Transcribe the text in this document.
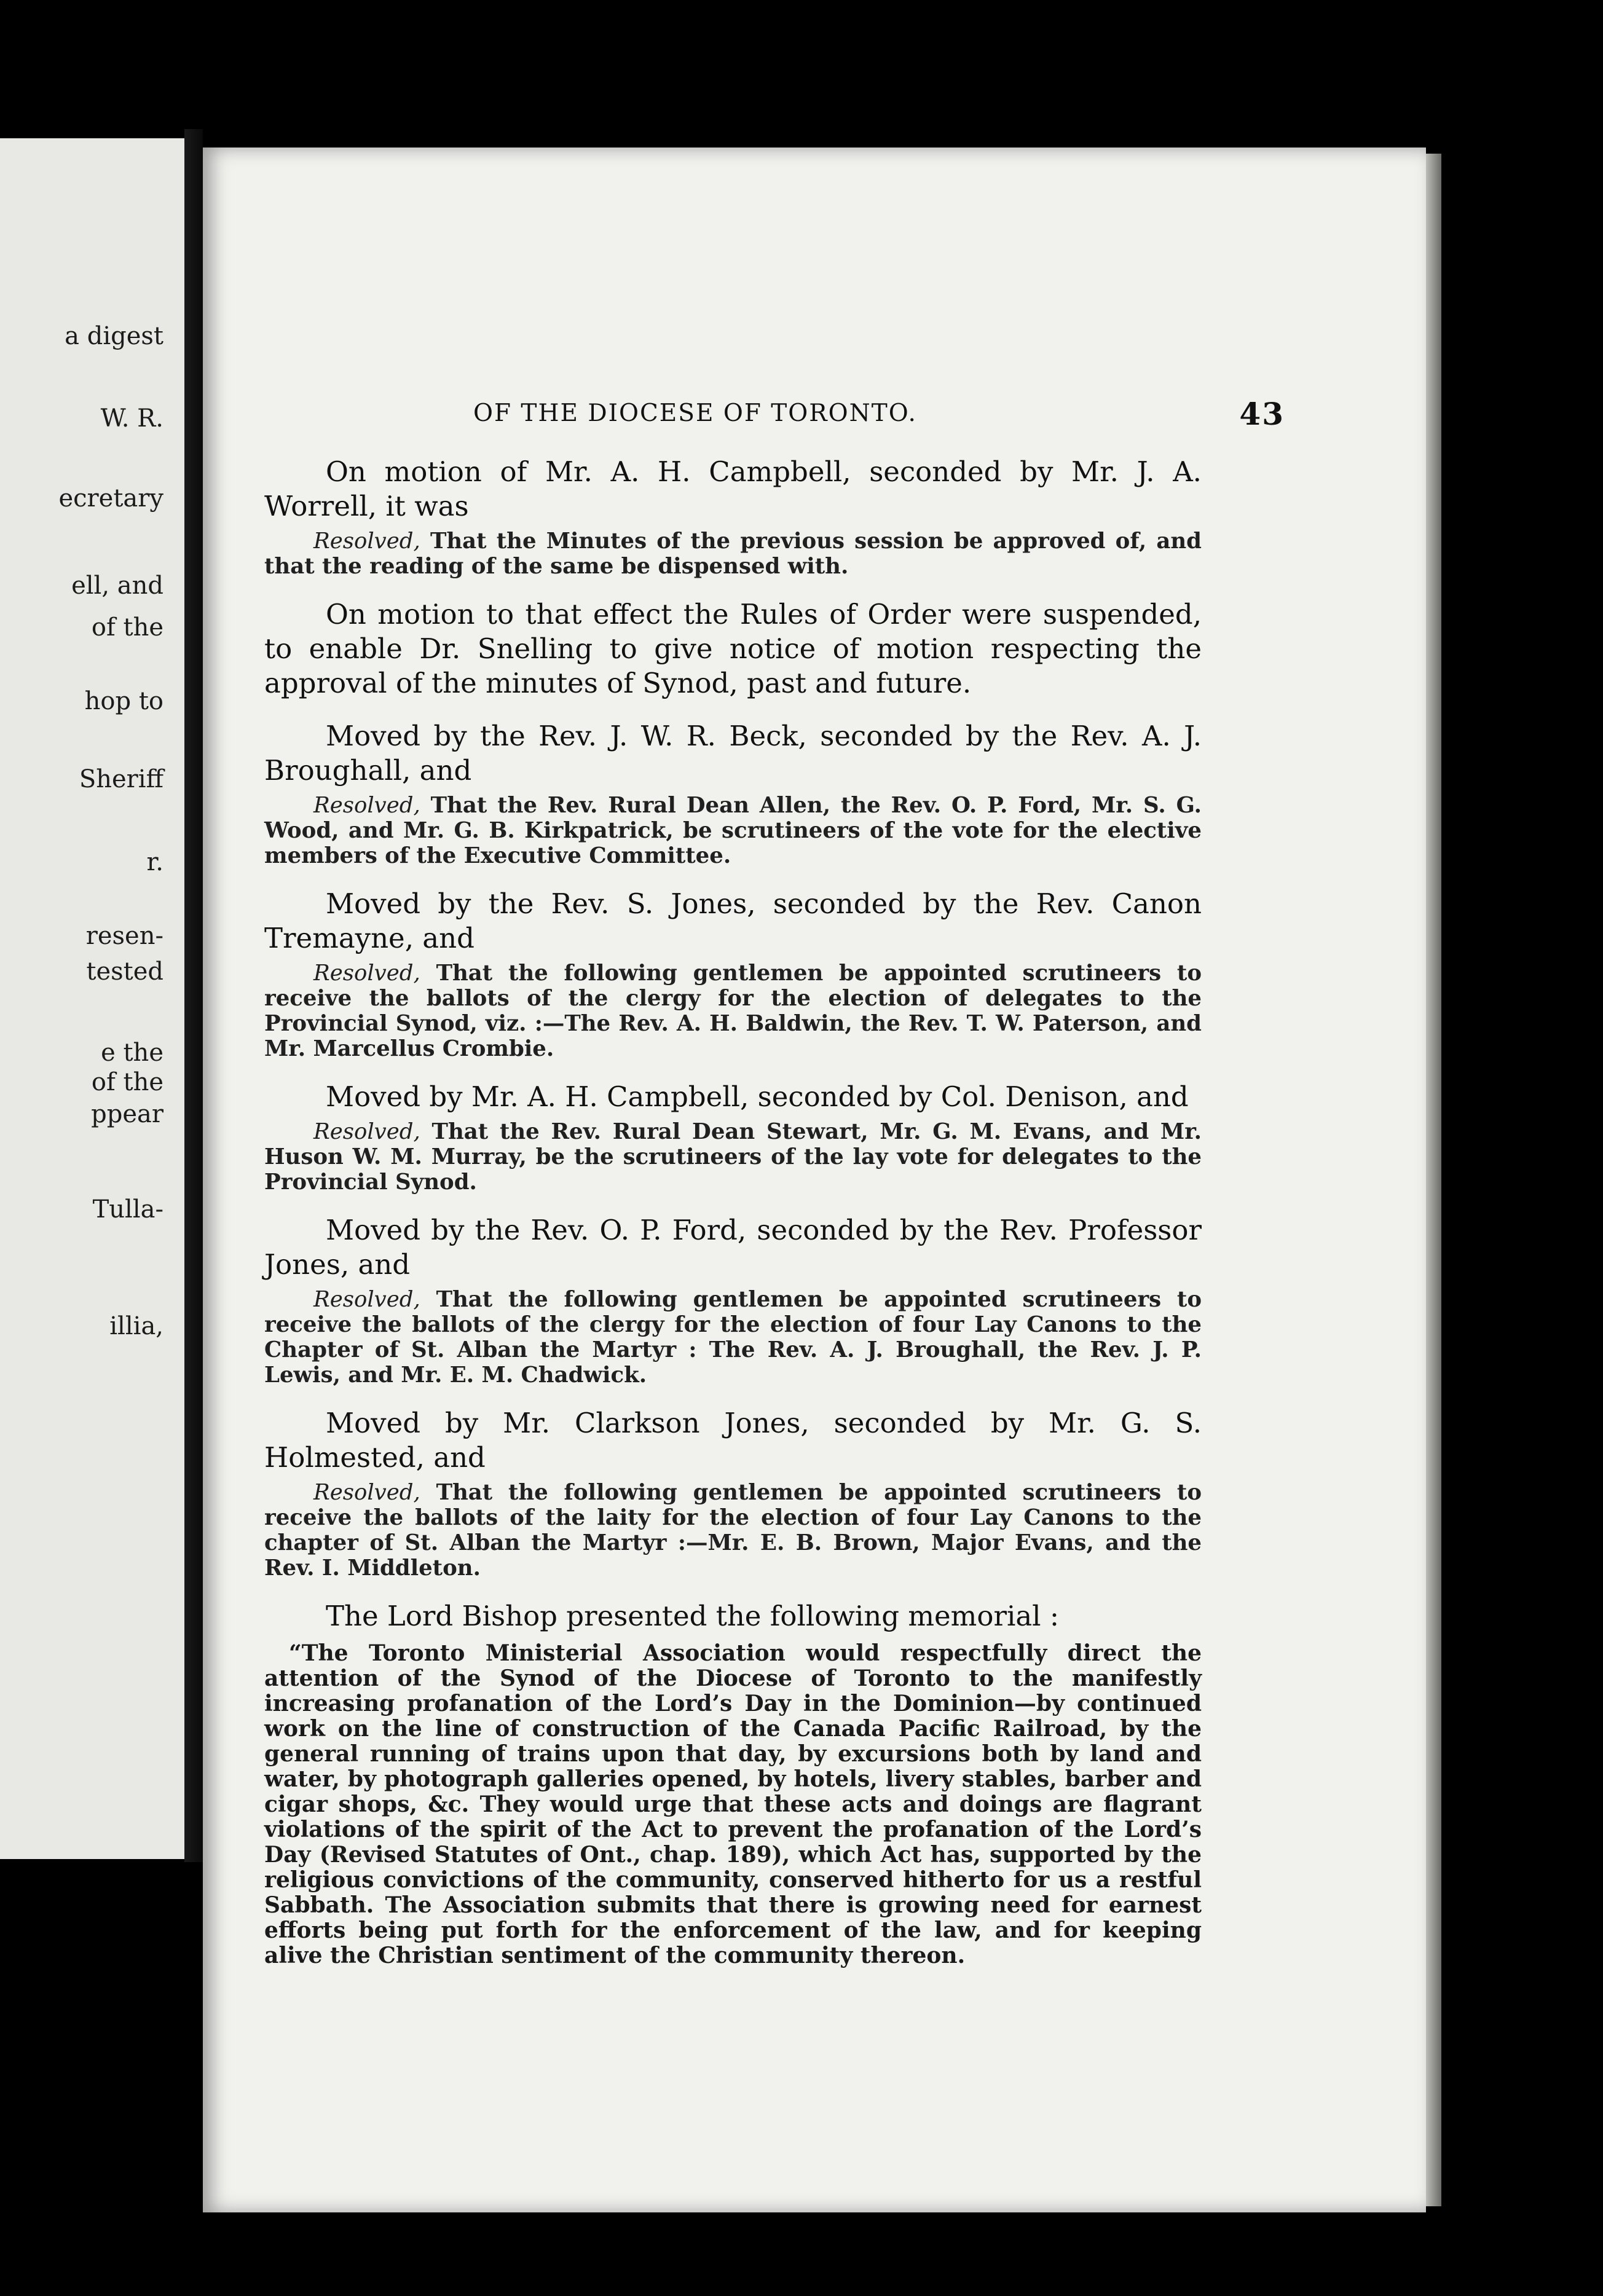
a digest
W. R.
ecretary
ell, and
of the
hop to
Sheriff
r.
resen-
tested
e the
of the
ppear
Tulla-
illia,
OF THE DIOCESE OF TORONTO.	43

On motion of Mr. A. H. Campbell, seconded by Mr. J. A. Worrell, it was

Resolved, That the Minutes of the previous session be approved of, and that the reading of the same be dispensed with.

On motion to that effect the Rules of Order were suspended, to enable Dr. Snelling to give notice of motion respecting the approval of the minutes of Synod, past and future.

Moved by the Rev. J. W. R. Beck, seconded by the Rev. A. J. Broughall, and

Resolved, That the Rev. Rural Dean Allen, the Rev. O. P. Ford, Mr. S. G. Wood, and Mr. G. B. Kirkpatrick, be scrutineers of the vote for the elective members of the Executive Committee.

Moved by the Rev. S. Jones, seconded by the Rev. Canon Tremayne, and

Resolved, That the following gentlemen be appointed scrutineers to receive the ballots of the clergy for the election of delegates to the Provincial Synod, viz. :—The Rev. A. H. Baldwin, the Rev. T. W. Paterson, and Mr. Marcellus Crombie.

Moved by Mr. A. H. Campbell, seconded by Col. Denison, and

Resolved, That the Rev. Rural Dean Stewart, Mr. G. M. Evans, and Mr. Huson W. M. Murray, be the scrutineers of the lay vote for delegates to the Provincial Synod.

Moved by the Rev. O. P. Ford, seconded by the Rev. Professor Jones, and

Resolved, That the following gentlemen be appointed scrutineers to receive the ballots of the clergy for the election of four Lay Canons to the Chapter of St. Alban the Martyr : The Rev. A. J. Broughall, the Rev. J. P. Lewis, and Mr. E. M. Chadwick.

Moved by Mr. Clarkson Jones, seconded by Mr. G. S. Holmested, and

Resolved, That the following gentlemen be appointed scrutineers to receive the ballots of the laity for the election of four Lay Canons to the chapter of St. Alban the Martyr :—Mr. E. B. Brown, Major Evans, and the Rev. I. Middleton.

The Lord Bishop presented the following memorial :

“The Toronto Ministerial Association would respectfully direct the attention of the Synod of the Diocese of Toronto to the manifestly increasing profanation of the Lord’s Day in the Dominion—by continued work on the line of construction of the Canada Pacific Railroad, by the general running of trains upon that day, by excursions both by land and water, by photograph galleries opened, by hotels, livery stables, barber and cigar shops, &c. They would urge that these acts and doings are flagrant violations of the spirit of the Act to prevent the profanation of the Lord’s Day (Revised Statutes of Ont., chap. 189), which Act has, supported by the religious convictions of the community, conserved hitherto for us a restful Sabbath. The Association submits that there is growing need for earnest efforts being put forth for the enforcement of the law, and for keeping alive the Christian sentiment of the community thereon.
